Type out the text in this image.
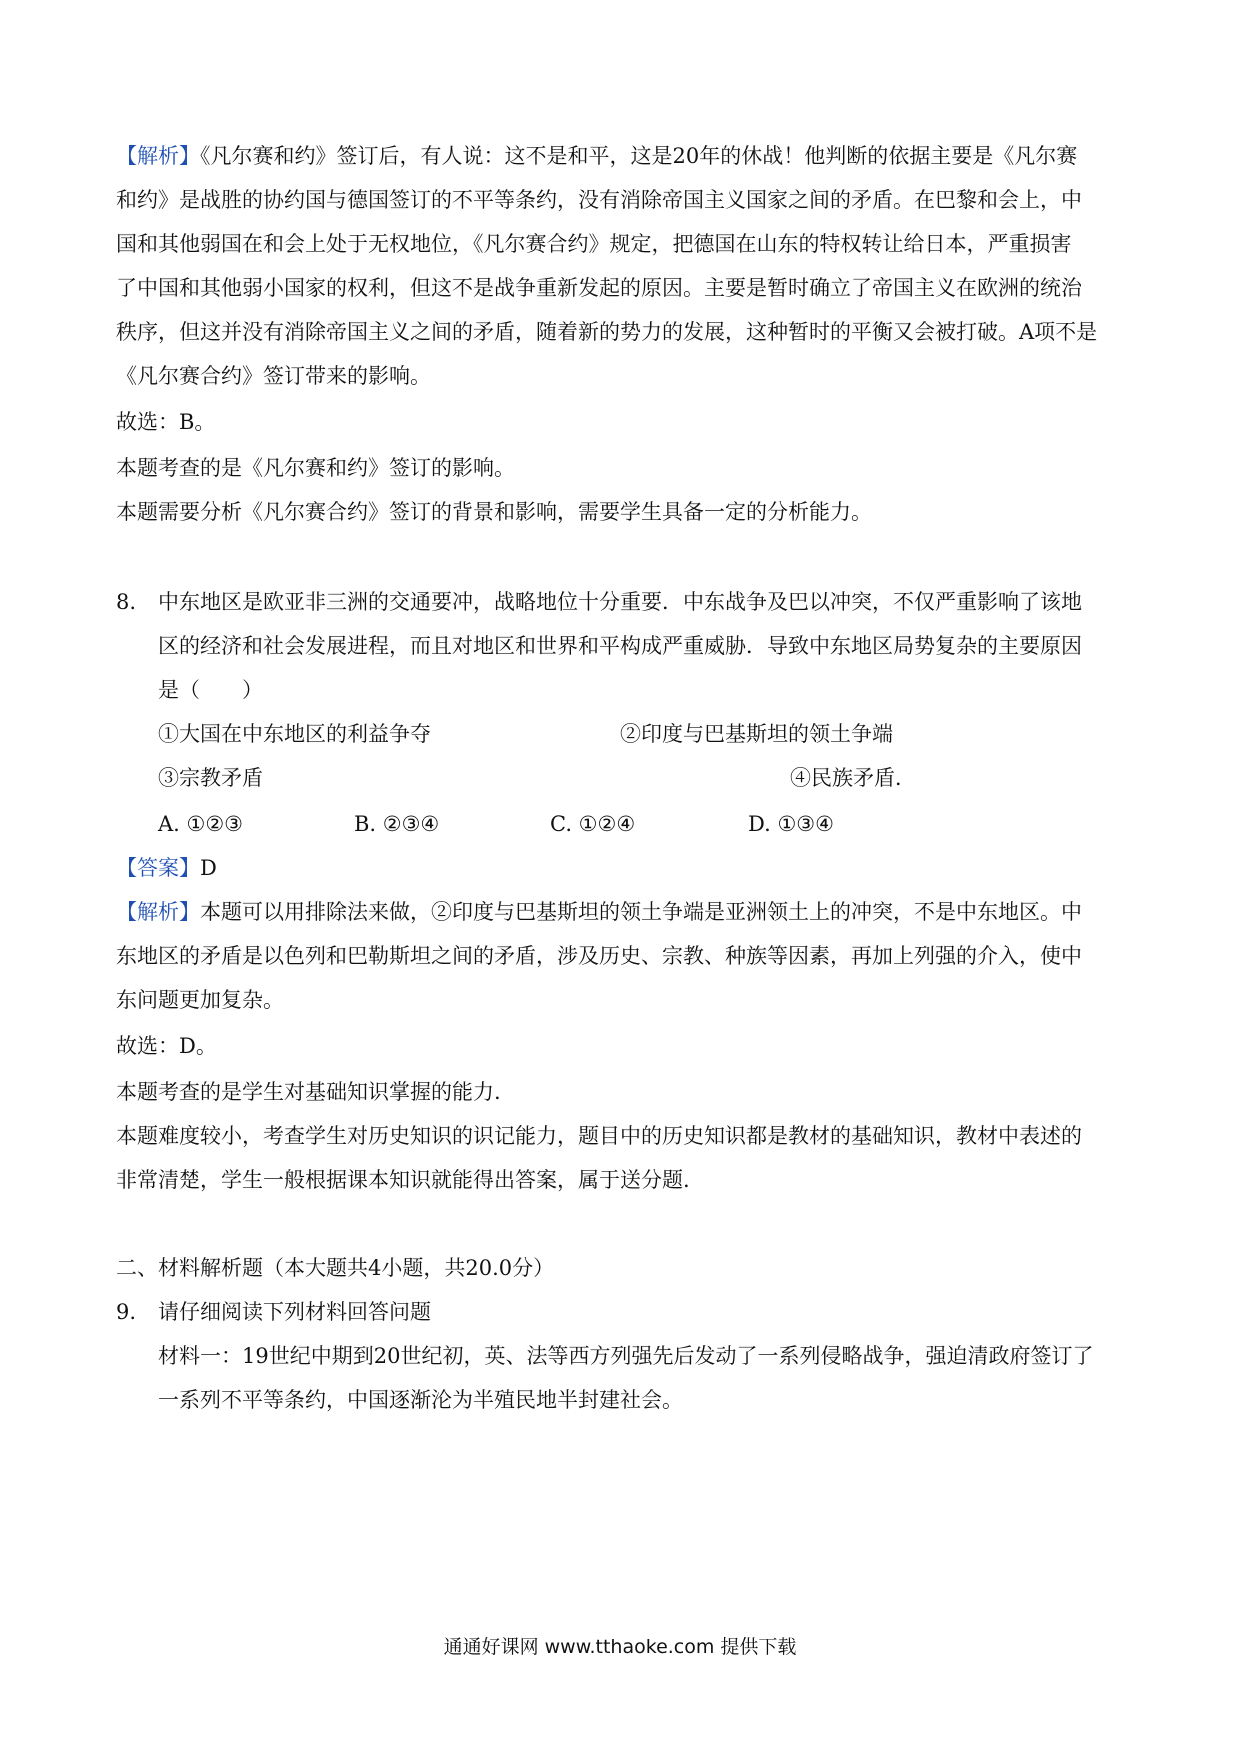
【解析】《凡尔赛和约》签订后，有人说：这不是和平，这是20年的休战！他判断的依据主要是《凡尔赛
和约》是战胜的协约国与德国签订的不平等条约，没有消除帝国主义国家之间的矛盾。在巴黎和会上，中
国和其他弱国在和会上处于无权地位，《凡尔赛合约》规定，把德国在山东的特权转让给日本，严重损害
了中国和其他弱小国家的权利，但这不是战争重新发起的原因。主要是暂时确立了帝国主义在欧洲的统治
秩序，但这并没有消除帝国主义之间的矛盾，随着新的势力的发展，这种暂时的平衡又会被打破。A项不是
《凡尔赛合约》签订带来的影响。
故选：B。
本题考查的是《凡尔赛和约》签订的影响。
本题需要分析《凡尔赛合约》签订的背景和影响，需要学生具备一定的分析能力。
8. 中东地区是欧亚非三洲的交通要冲，战略地位十分重要．中东战争及巴以冲突，不仅严重影响了该地
区的经济和社会发展进程，而且对地区和世界和平构成严重威胁．导致中东地区局势复杂的主要原因
是（　　）
①大国在中东地区的利益争夺	②印度与巴基斯坦的领土争端
③宗教矛盾	④民族矛盾．
A. ①②③	B. ②③④	C. ①②④	D. ①③④
【答案】D
【解析】本题可以用排除法来做，②印度与巴基斯坦的领土争端是亚洲领土上的冲突，不是中东地区。中
东地区的矛盾是以色列和巴勒斯坦之间的矛盾，涉及历史、宗教、种族等因素，再加上列强的介入，使中
东问题更加复杂。
故选：D。
本题考查的是学生对基础知识掌握的能力.
本题难度较小，考查学生对历史知识的识记能力，题目中的历史知识都是教材的基础知识，教材中表述的
非常清楚，学生一般根据课本知识就能得出答案，属于送分题.
二、材料解析题（本大题共4小题，共20.0分）
9. 请仔细阅读下列材料回答问题
材料一：19世纪中期到20世纪初，英、法等西方列强先后发动了一系列侵略战争，强迫清政府签订了
一系列不平等条约，中国逐渐沦为半殖民地半封建社会。
通通好课网 www.tthaoke.com 提供下载
